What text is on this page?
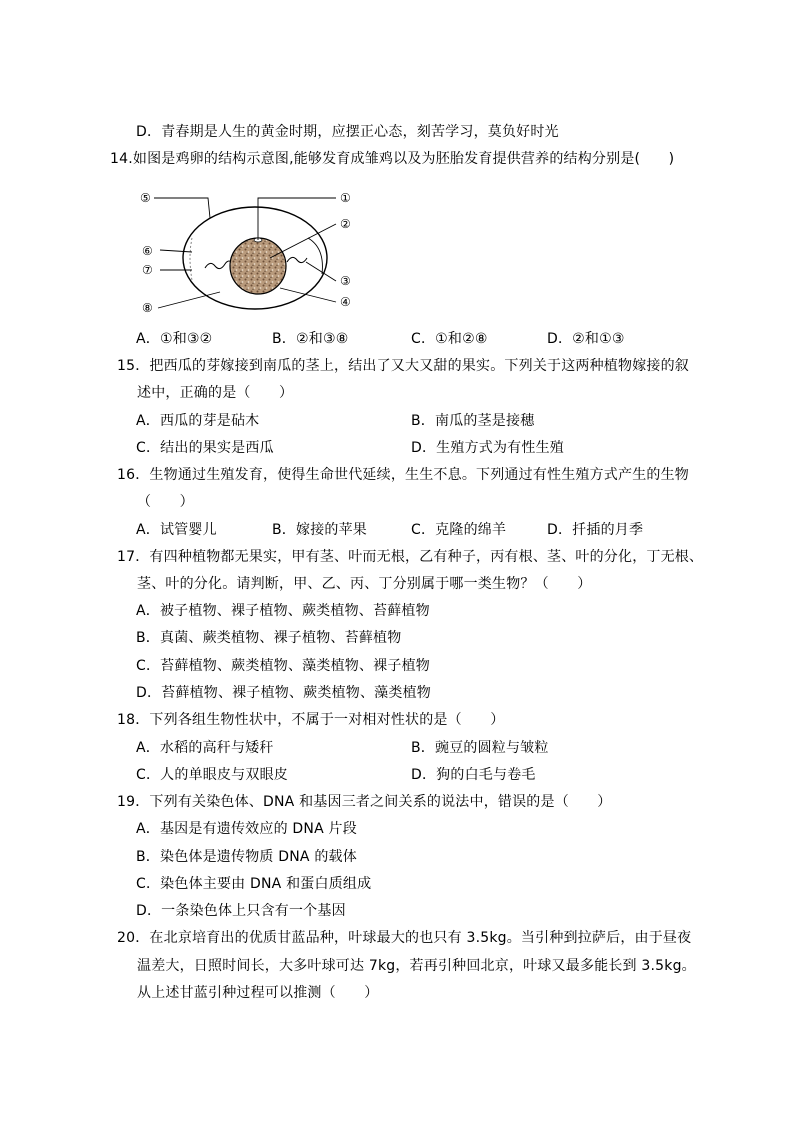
D．青春期是人生的黄金时期，应摆正心态，刻苦学习，莫负好时光
14.如图是鸡卵的结构示意图,能够发育成雏鸡以及为胚胎发育提供营养的结构分别是(　　)
⑤
⑥
⑦
⑧
①
②
③
④
A．①和③②	B．②和③⑧	C．①和②⑧	D．②和①③
15．把西瓜的芽嫁接到南瓜的茎上，结出了又大又甜的果实。下列关于这两种植物嫁接的叙
述中，正确的是（　　）
A．西瓜的芽是砧木	B．南瓜的茎是接穗
C．结出的果实是西瓜	D．生殖方式为有性生殖
16．生物通过生殖发育，使得生命世代延续，生生不息。下列通过有性生殖方式产生的生物
（　　）
A．试管婴儿	B．嫁接的苹果	C．克隆的绵羊	D．扦插的月季
17．有四种植物都无果实，甲有茎、叶而无根，乙有种子，丙有根、茎、叶的分化，丁无根、
茎、叶的分化。请判断，甲、乙、丙、丁分别属于哪一类生物？（　　）
A．被子植物、裸子植物、蕨类植物、苔藓植物
B．真菌、蕨类植物、裸子植物、苔藓植物
C．苔藓植物、蕨类植物、藻类植物、裸子植物
D．苔藓植物、裸子植物、蕨类植物、藻类植物
18．下列各组生物性状中，不属于一对相对性状的是（　　）
A．水稻的高秆与矮秆	B．豌豆的圆粒与皱粒
C．人的单眼皮与双眼皮	D．狗的白毛与卷毛
19．下列有关染色体、DNA 和基因三者之间关系的说法中，错误的是（　　）
A．基因是有遗传效应的 DNA 片段
B．染色体是遗传物质 DNA 的载体
C．染色体主要由 DNA 和蛋白质组成
D．一条染色体上只含有一个基因
20．在北京培育出的优质甘蓝品种，叶球最大的也只有 3.5kg。当引种到拉萨后，由于昼夜
温差大，日照时间长，大多叶球可达 7kg，若再引种回北京，叶球又最多能长到 3.5kg。
从上述甘蓝引种过程可以推测（　　）
